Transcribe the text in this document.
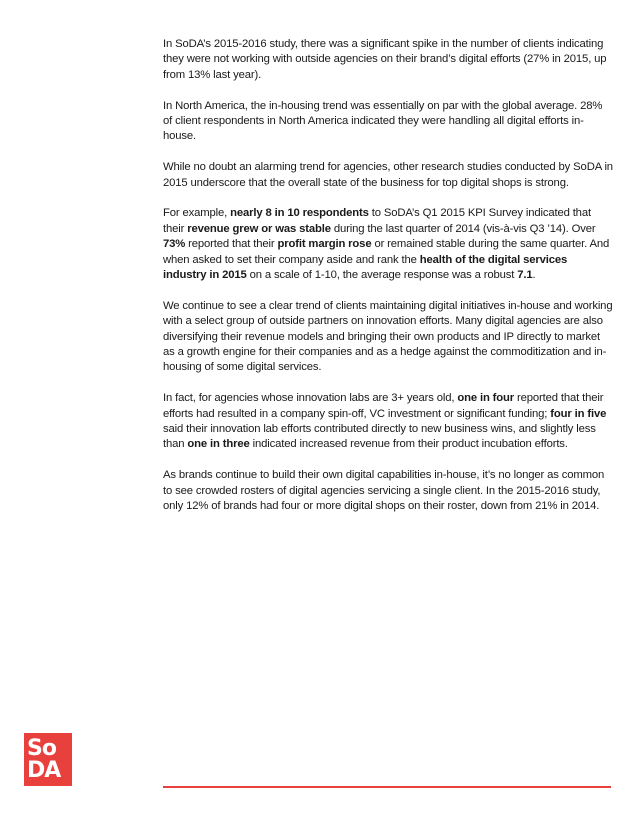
In SoDA’s 2015-2016 study, there was a significant spike in the number of clients indicating they were not working with outside agencies on their brand’s digital efforts (27% in 2015, up from 13% last year).

In North America, the in-housing trend was essentially on par with the global average. 28% of client respondents in North America indicated they were handling all digital efforts in-house.

While no doubt an alarming trend for agencies, other research studies conducted by SoDA in 2015 underscore that the overall state of the business for top digital shops is strong.

For example, nearly 8 in 10 respondents to SoDA’s Q1 2015 KPI Survey indicated that their revenue grew or was stable during the last quarter of 2014 (vis-à-vis Q3 ’14). Over 73% reported that their profit margin rose or remained stable during the same quarter. And when asked to set their company aside and rank the health of the digital services industry in 2015 on a scale of 1-10, the average response was a robust 7.1.

We continue to see a clear trend of clients maintaining digital initiatives in-house and working with a select group of outside partners on innovation efforts. Many digital agencies are also diversifying their revenue models and bringing their own products and IP directly to market as a growth engine for their companies and as a hedge against the commoditization and in-housing of some digital services.

In fact, for agencies whose innovation labs are 3+ years old, one in four reported that their efforts had resulted in a company spin-off, VC investment or significant funding; four in five said their innovation lab efforts contributed directly to new business wins, and slightly less than one in three indicated increased revenue from their product incubation efforts.

As brands continue to build their own digital capabilities in-house, it’s no longer as common to see crowded rosters of digital agencies servicing a single client. In the 2015-2016 study, only 12% of brands had four or more digital shops on their roster, down from 21% in 2014.

So
DA
